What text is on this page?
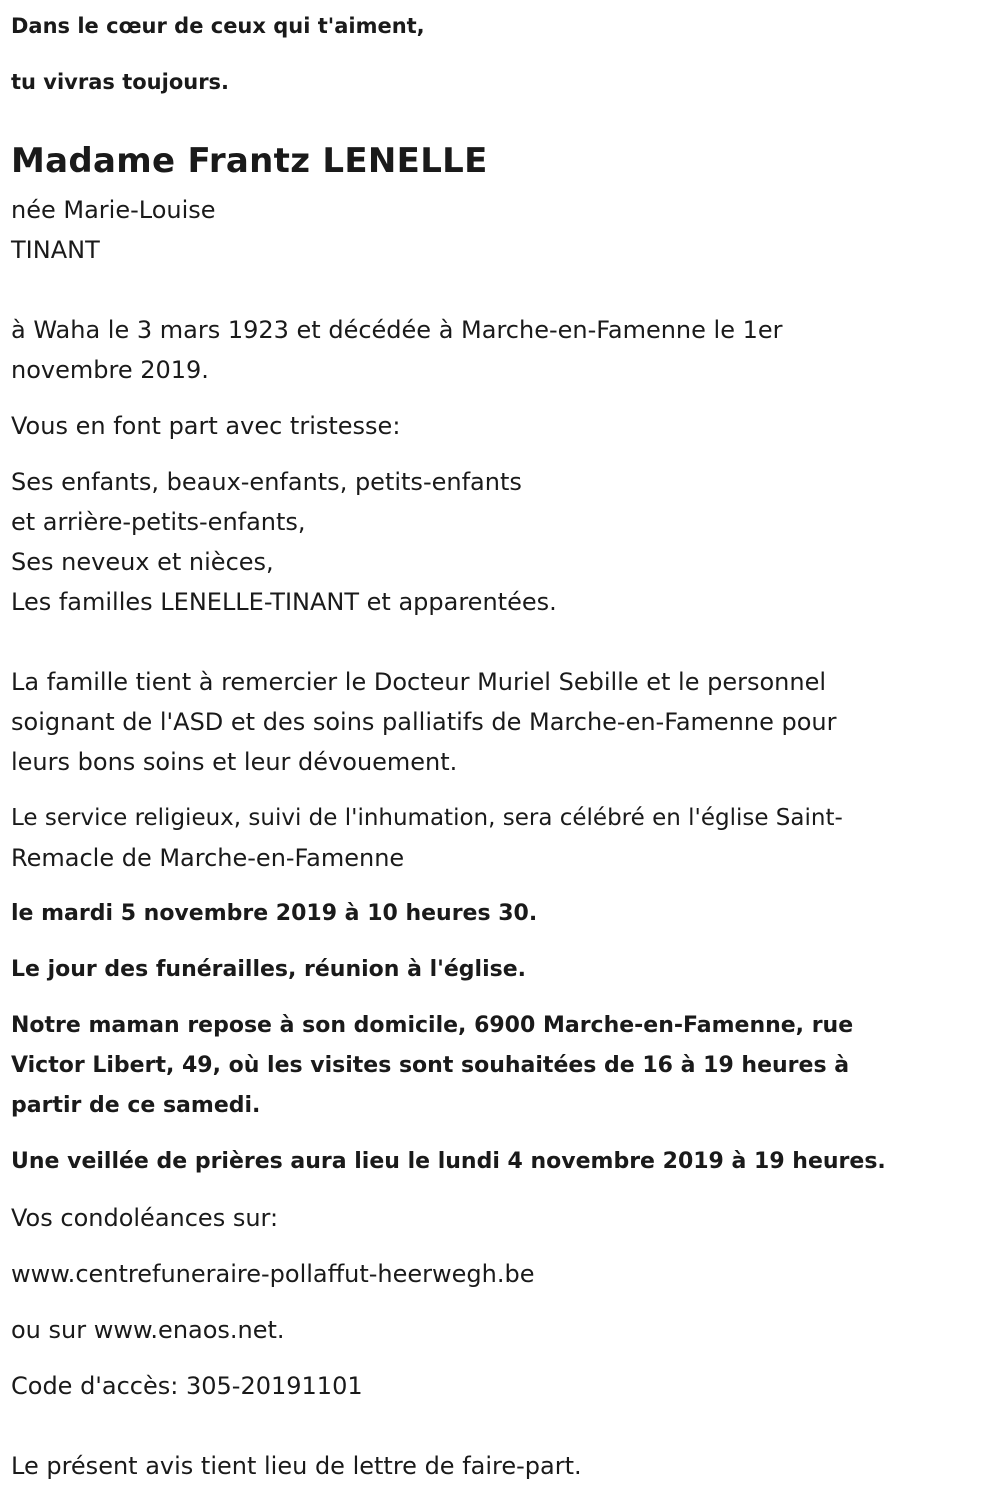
Dans le cœur de ceux qui t'aiment,

tu vivras toujours.

Madame Frantz LENELLE

née Marie-Louise

TINANT

à Waha le 3 mars 1923 et décédée à Marche-en-Famenne le 1er

novembre 2019.

Vous en font part avec tristesse:

Ses enfants, beaux-enfants, petits-enfants

et arrière-petits-enfants,

Ses neveux et nièces,

Les familles LENELLE-TINANT et apparentées.

La famille tient à remercier le Docteur Muriel Sebille et le personnel

soignant de l'ASD et des soins palliatifs de Marche-en-Famenne pour

leurs bons soins et leur dévouement.

Le service religieux, suivi de l'inhumation, sera célébré en l'église Saint-

Remacle de Marche-en-Famenne

le mardi 5 novembre 2019 à 10 heures 30.

Le jour des funérailles, réunion à l'église.

Notre maman repose à son domicile, 6900 Marche-en-Famenne, rue

Victor Libert, 49, où les visites sont souhaitées de 16 à 19 heures à

partir de ce samedi.

Une veillée de prières aura lieu le lundi 4 novembre 2019 à 19 heures.

Vos condoléances sur:

www.centrefuneraire-pollaffut-heerwegh.be

ou sur www.enaos.net.

Code d'accès: 305-20191101

Le présent avis tient lieu de lettre de faire-part.
